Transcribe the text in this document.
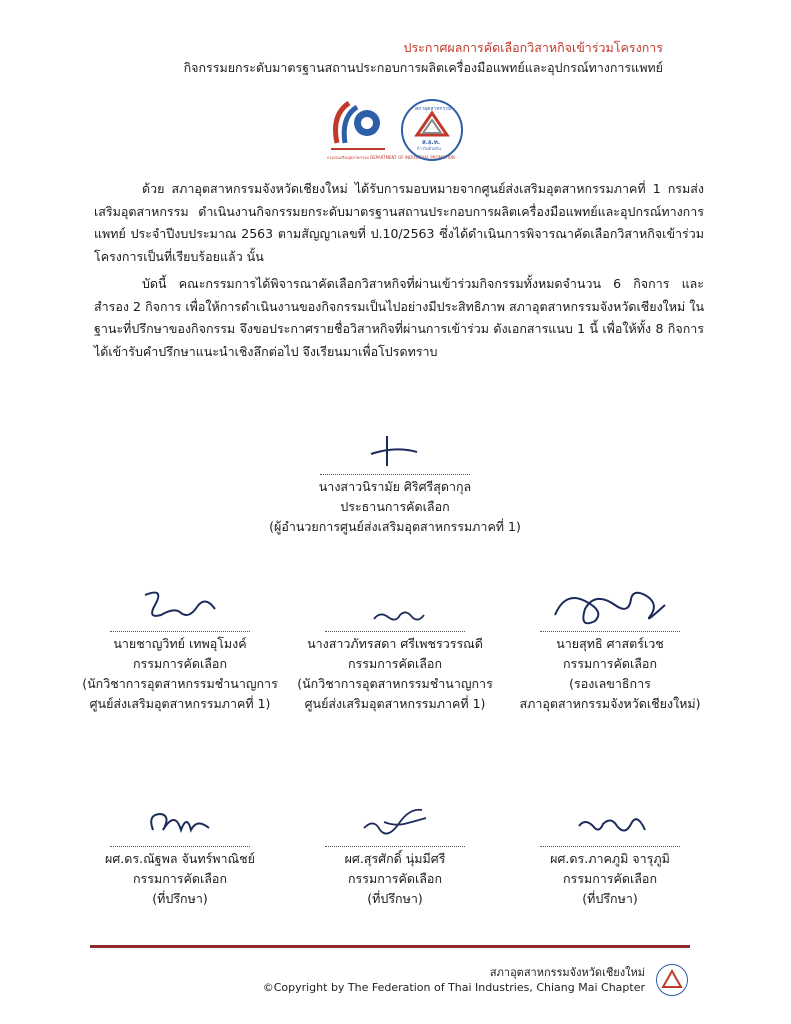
ประกาศผลการคัดเลือกวิสาหกิจเข้าร่วมโครงการ
กิจกรรมยกระดับมาตรฐานสถานประกอบการผลิตเครื่องมือแพทย์และอุปกรณ์ทางการแพทย์
กรมส่งเสริมอุตสาหกรรม DEPARTMENT OF INDUSTRIAL PROMOTION
สภาอุตสาหกรรม
ส.อ.ท.
ก้าวไปด้วยกัน

ด้วย สภาอุตสาหกรรมจังหวัดเชียงใหม่ ได้รับการมอบหมายจากศูนย์ส่งเสริมอุตสาหกรรมภาคที่ 1 กรมส่งเสริมอุตสาหกรรม ดำเนินงานกิจกรรมยกระดับมาตรฐานสถานประกอบการผลิตเครื่องมือแพทย์และอุปกรณ์ทางการแพทย์ ประจำปีงบประมาณ 2563 ตามสัญญาเลขที่ ป.10/2563 ซึ่งได้ดำเนินการพิจารณาคัดเลือกวิสาหกิจเข้าร่วมโครงการเป็นที่เรียบร้อยแล้ว นั้น

บัดนี้ คณะกรรมการได้พิจารณาคัดเลือกวิสาหกิจที่ผ่านเข้าร่วมกิจกรรมทั้งหมดจำนวน 6 กิจการ และสำรอง 2 กิจการ เพื่อให้การดำเนินงานของกิจกรรมเป็นไปอย่างมีประสิทธิภาพ สภาอุตสาหกรรมจังหวัดเชียงใหม่ ในฐานะที่ปรึกษาของกิจกรรม จึงขอประกาศรายชื่อวิสาหกิจที่ผ่านการเข้าร่วม ดังเอกสารแนบ 1 นี้ เพื่อให้ทั้ง 8 กิจการได้เข้ารับคำปรึกษาแนะนำเชิงลึกต่อไป จึงเรียนมาเพื่อโปรดทราบ

นางสาวนิรามัย ศิริศรีสุดากุล
ประธานการคัดเลือก
(ผู้อำนวยการศูนย์ส่งเสริมอุตสาหกรรมภาคที่ 1)
นายชาญวิทย์ เทพอุโมงค์
กรรมการคัดเลือก
(นักวิชาการอุตสาหกรรมชำนาญการ
ศูนย์ส่งเสริมอุตสาหกรรมภาคที่ 1)
นางสาวภัทรสดา ศรีเพชรวรรณดี
กรรมการคัดเลือก
(นักวิชาการอุตสาหกรรมชำนาญการ
ศูนย์ส่งเสริมอุตสาหกรรมภาคที่ 1)
นายสุทธิ ศาสตร์เวช
กรรมการคัดเลือก
(รองเลขาธิการ
สภาอุตสาหกรรมจังหวัดเชียงใหม่)
ผศ.ดร.ณัฐพล จันทร์พาณิชย์
กรรมการคัดเลือก
(ที่ปรึกษา)
ผศ.สุรศักดิ์ นุ่มมีศรี
กรรมการคัดเลือก
(ที่ปรึกษา)
ผศ.ดร.ภาคภูมิ จารุภูมิ
กรรมการคัดเลือก
(ที่ปรึกษา)
สภาอุตสาหกรรมจังหวัดเชียงใหม่
©Copyright by The Federation of Thai Industries, Chiang Mai Chapter
